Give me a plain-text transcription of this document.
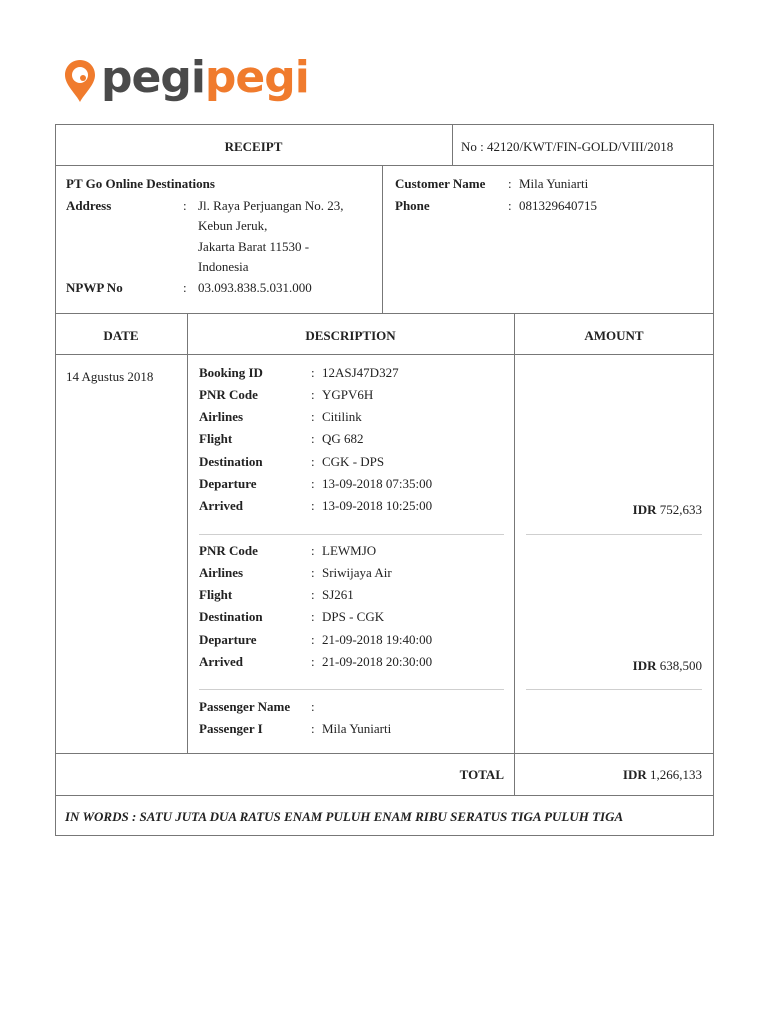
pegipegi
RECEIPT	No : 42120/KWT/FIN-GOLD/VIII/2018
PT Go Online Destinations
Address	: Jl. Raya Perjuangan No. 23,
Kebun Jeruk,
Jakarta Barat 11530 -
Indonesia
NPWP No	: 03.093.838.5.031.000
Customer Name : Mila Yuniarti
Phone	: 081329640715
DATE	DESCRIPTION	AMOUNT
14 Agustus 2018	Booking ID	: 12ASJ47D327
PNR Code	: YGPV6H
Airlines	: Citilink
Flight	: QG 682
Destination	: CGK - DPS
Departure	: 13-09-2018 07:35:00
Arrived	: 13-09-2018 10:25:00	IDR 752,633
PNR Code	: LEWMJO
Airlines	: Sriwijaya Air
Flight	: SJ261
Destination	: DPS - CGK
Departure	: 21-09-2018 19:40:00
Arrived	: 21-09-2018 20:30:00	IDR 638,500
Passenger Name :
Passenger I	: Mila Yuniarti
TOTAL	IDR 1,266,133
IN WORDS : SATU JUTA DUA RATUS ENAM PULUH ENAM RIBU SERATUS TIGA PULUH TIGA
